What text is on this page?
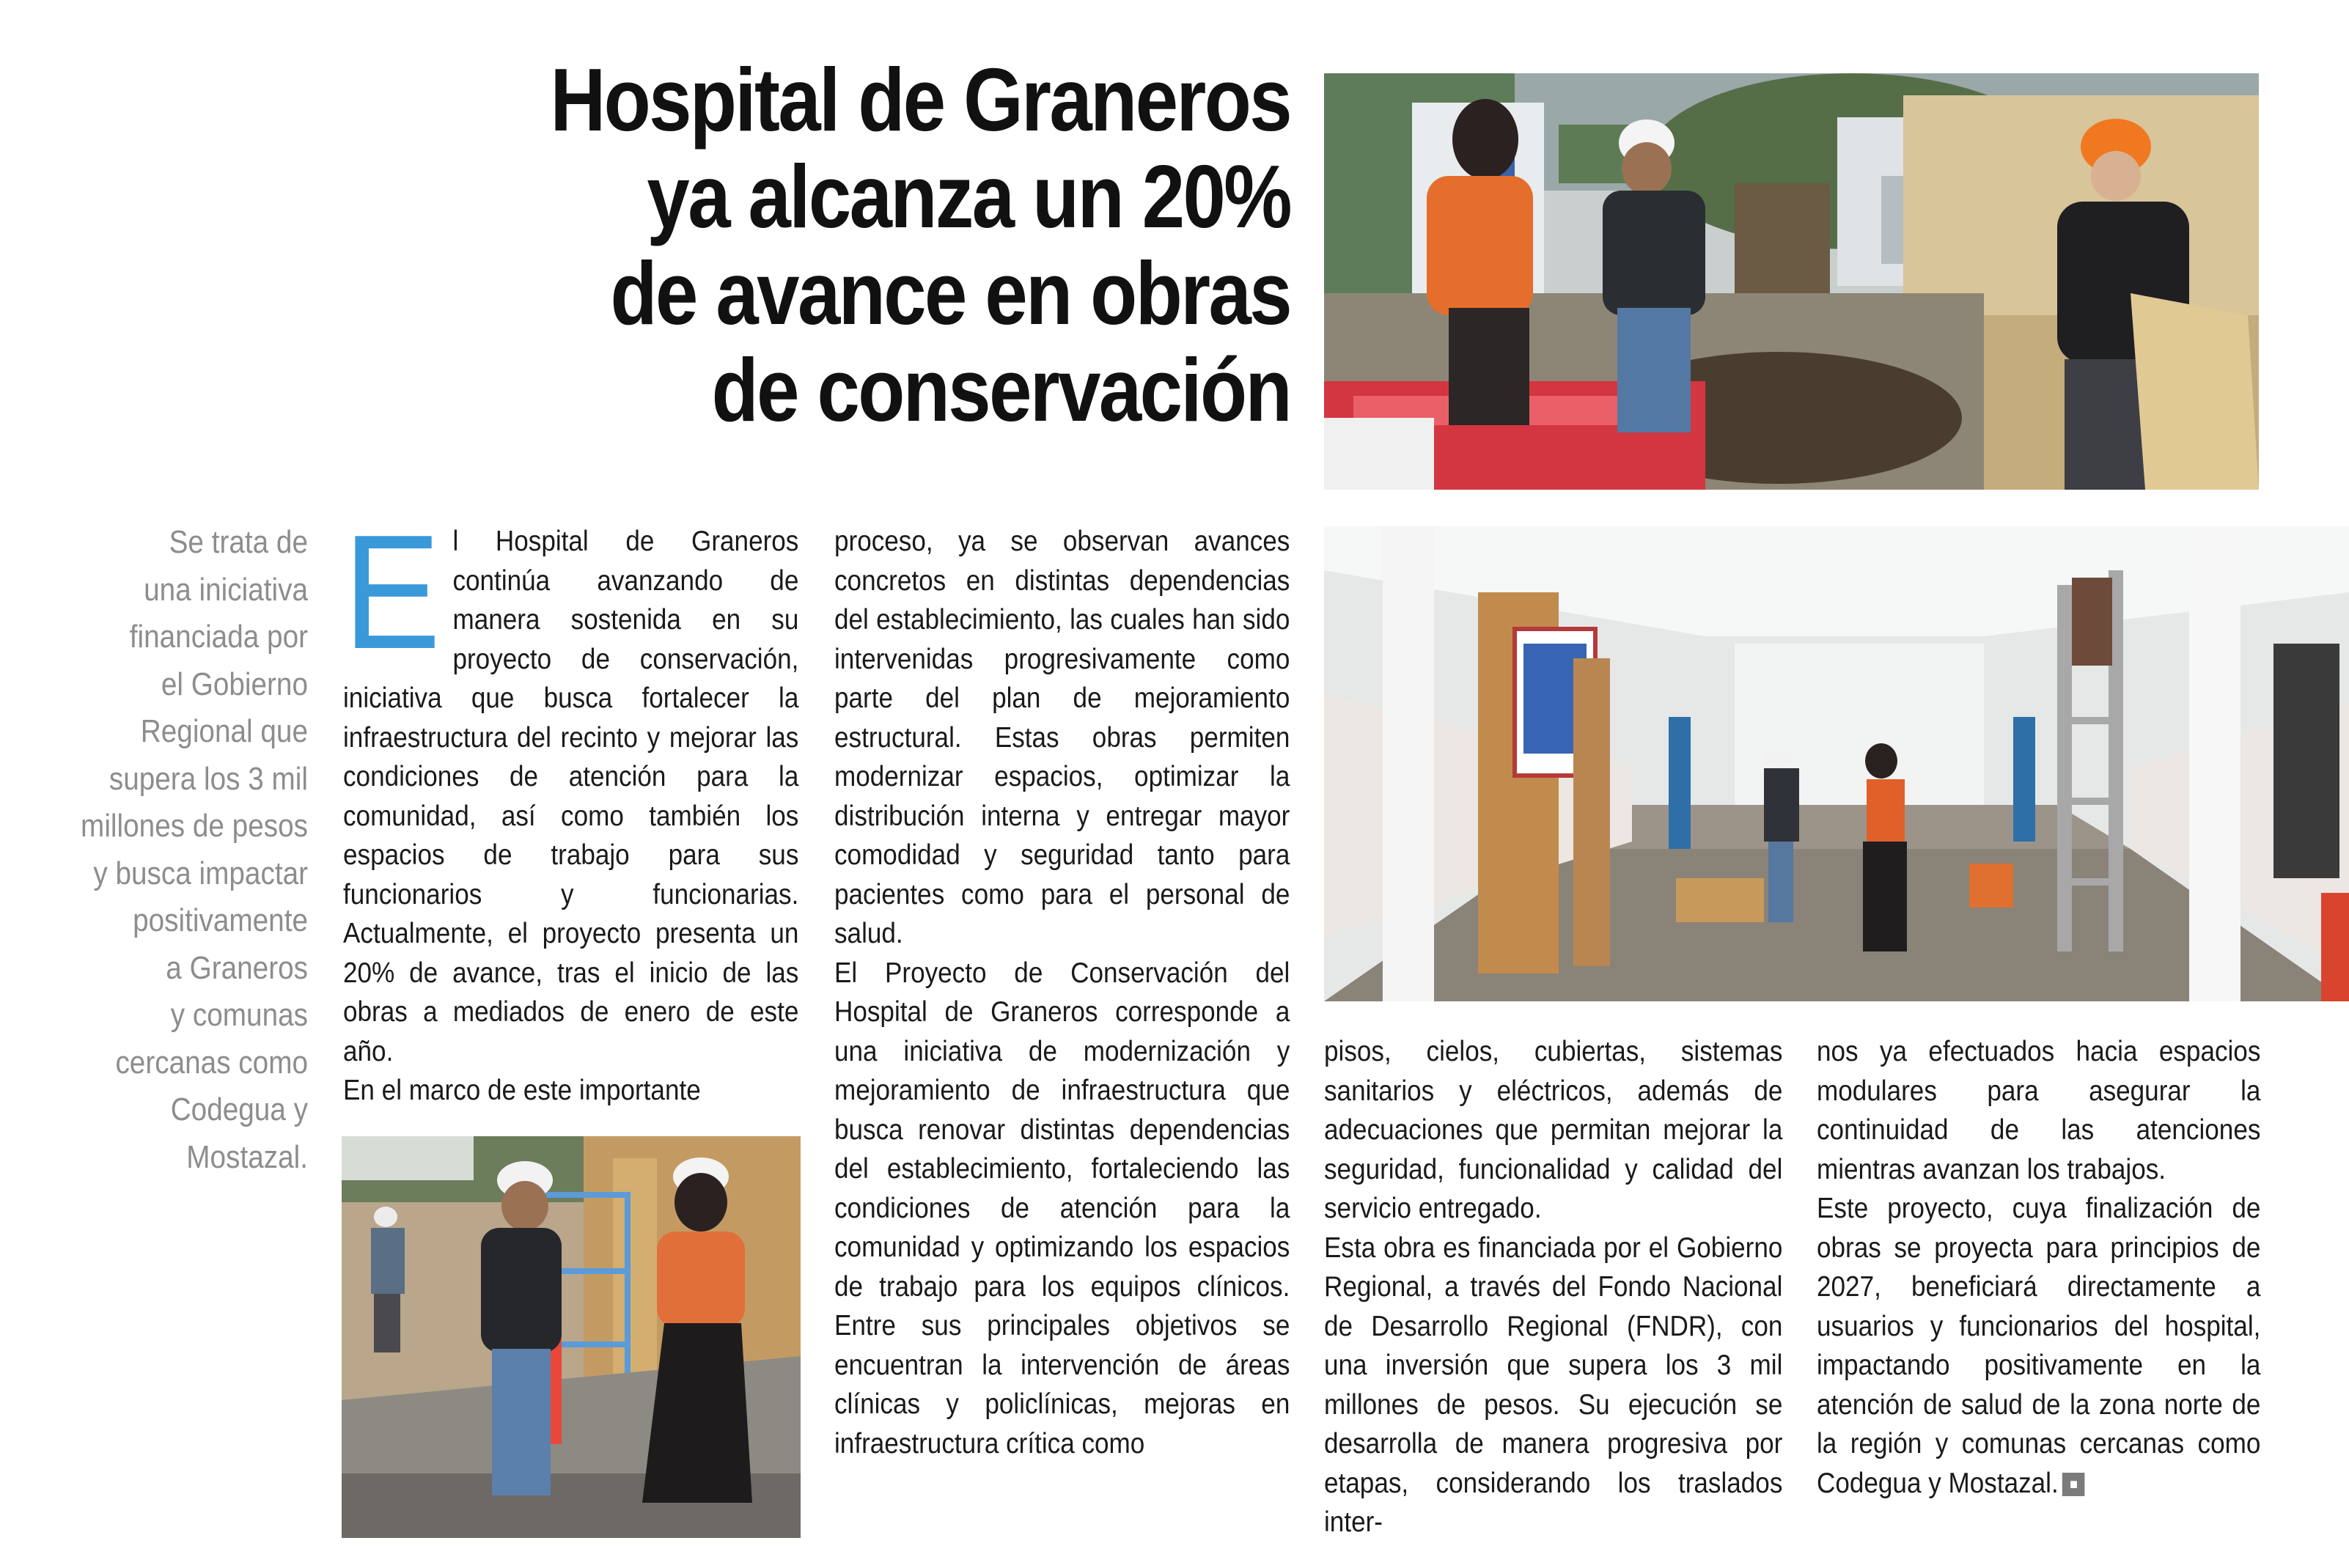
Hospital de Graneros
ya alcanza un 20%
de avance en obras
de conservación
Se trata de
una iniciativa
financiada por
el Gobierno
Regional que
supera los 3 mil
millones de pesos
y busca impactar
positivamente
a Graneros
y comunas
cercanas como
Codegua y
Mostazal.
E l Hospital de Graneros continúa avanzando de manera sostenida en su proyecto de conservación, iniciativa que busca fortalecer la infraestructura del recinto y mejorar las condiciones de atención para la comunidad, así como también los espacios de trabajo para sus funcionarios y funcionarias. Actualmente, el proyecto presenta un 20% de avance, tras el inicio de las obras a mediados de enero de este año.

En el marco de este importante

proceso, ya se observan avances concretos en distintas dependencias del establecimiento, las cuales han sido intervenidas progresivamente como parte del plan de mejoramiento estructural. Estas obras permiten modernizar espacios, optimizar la distribución interna y entregar mayor comodidad y seguridad tanto para pacientes como para el personal de salud.

El Proyecto de Conservación del Hospital de Graneros corresponde a una iniciativa de modernización y mejoramiento de infraestructura que busca renovar distintas dependencias del establecimiento, fortaleciendo las condiciones de atención para la comunidad y optimizando los espacios de trabajo para los equipos clínicos. Entre sus principales objetivos se encuentran la intervención de áreas clínicas y policlínicas, mejoras en infraestructura crítica como

pisos, cielos, cubiertas, sistemas sanitarios y eléctricos, además de adecuaciones que permitan mejorar la seguridad, funcionalidad y calidad del servicio entregado.

Esta obra es financiada por el Gobierno Regional, a través del Fondo Nacional de Desarrollo Regional (FNDR), con una inversión que supera los 3 mil millones de pesos. Su ejecución se desarrolla de manera progresiva por etapas, considerando los traslados inter-

nos ya efectuados hacia espacios modulares para asegurar la continuidad de las atenciones mientras avanzan los trabajos.

Este proyecto, cuya finalización de obras se proyecta para principios de 2027, beneficiará directamente a usuarios y funcionarios del hospital, impactando positivamente en la atención de salud de la zona norte de la región y comunas cercanas como Codegua y Mostazal. ■
